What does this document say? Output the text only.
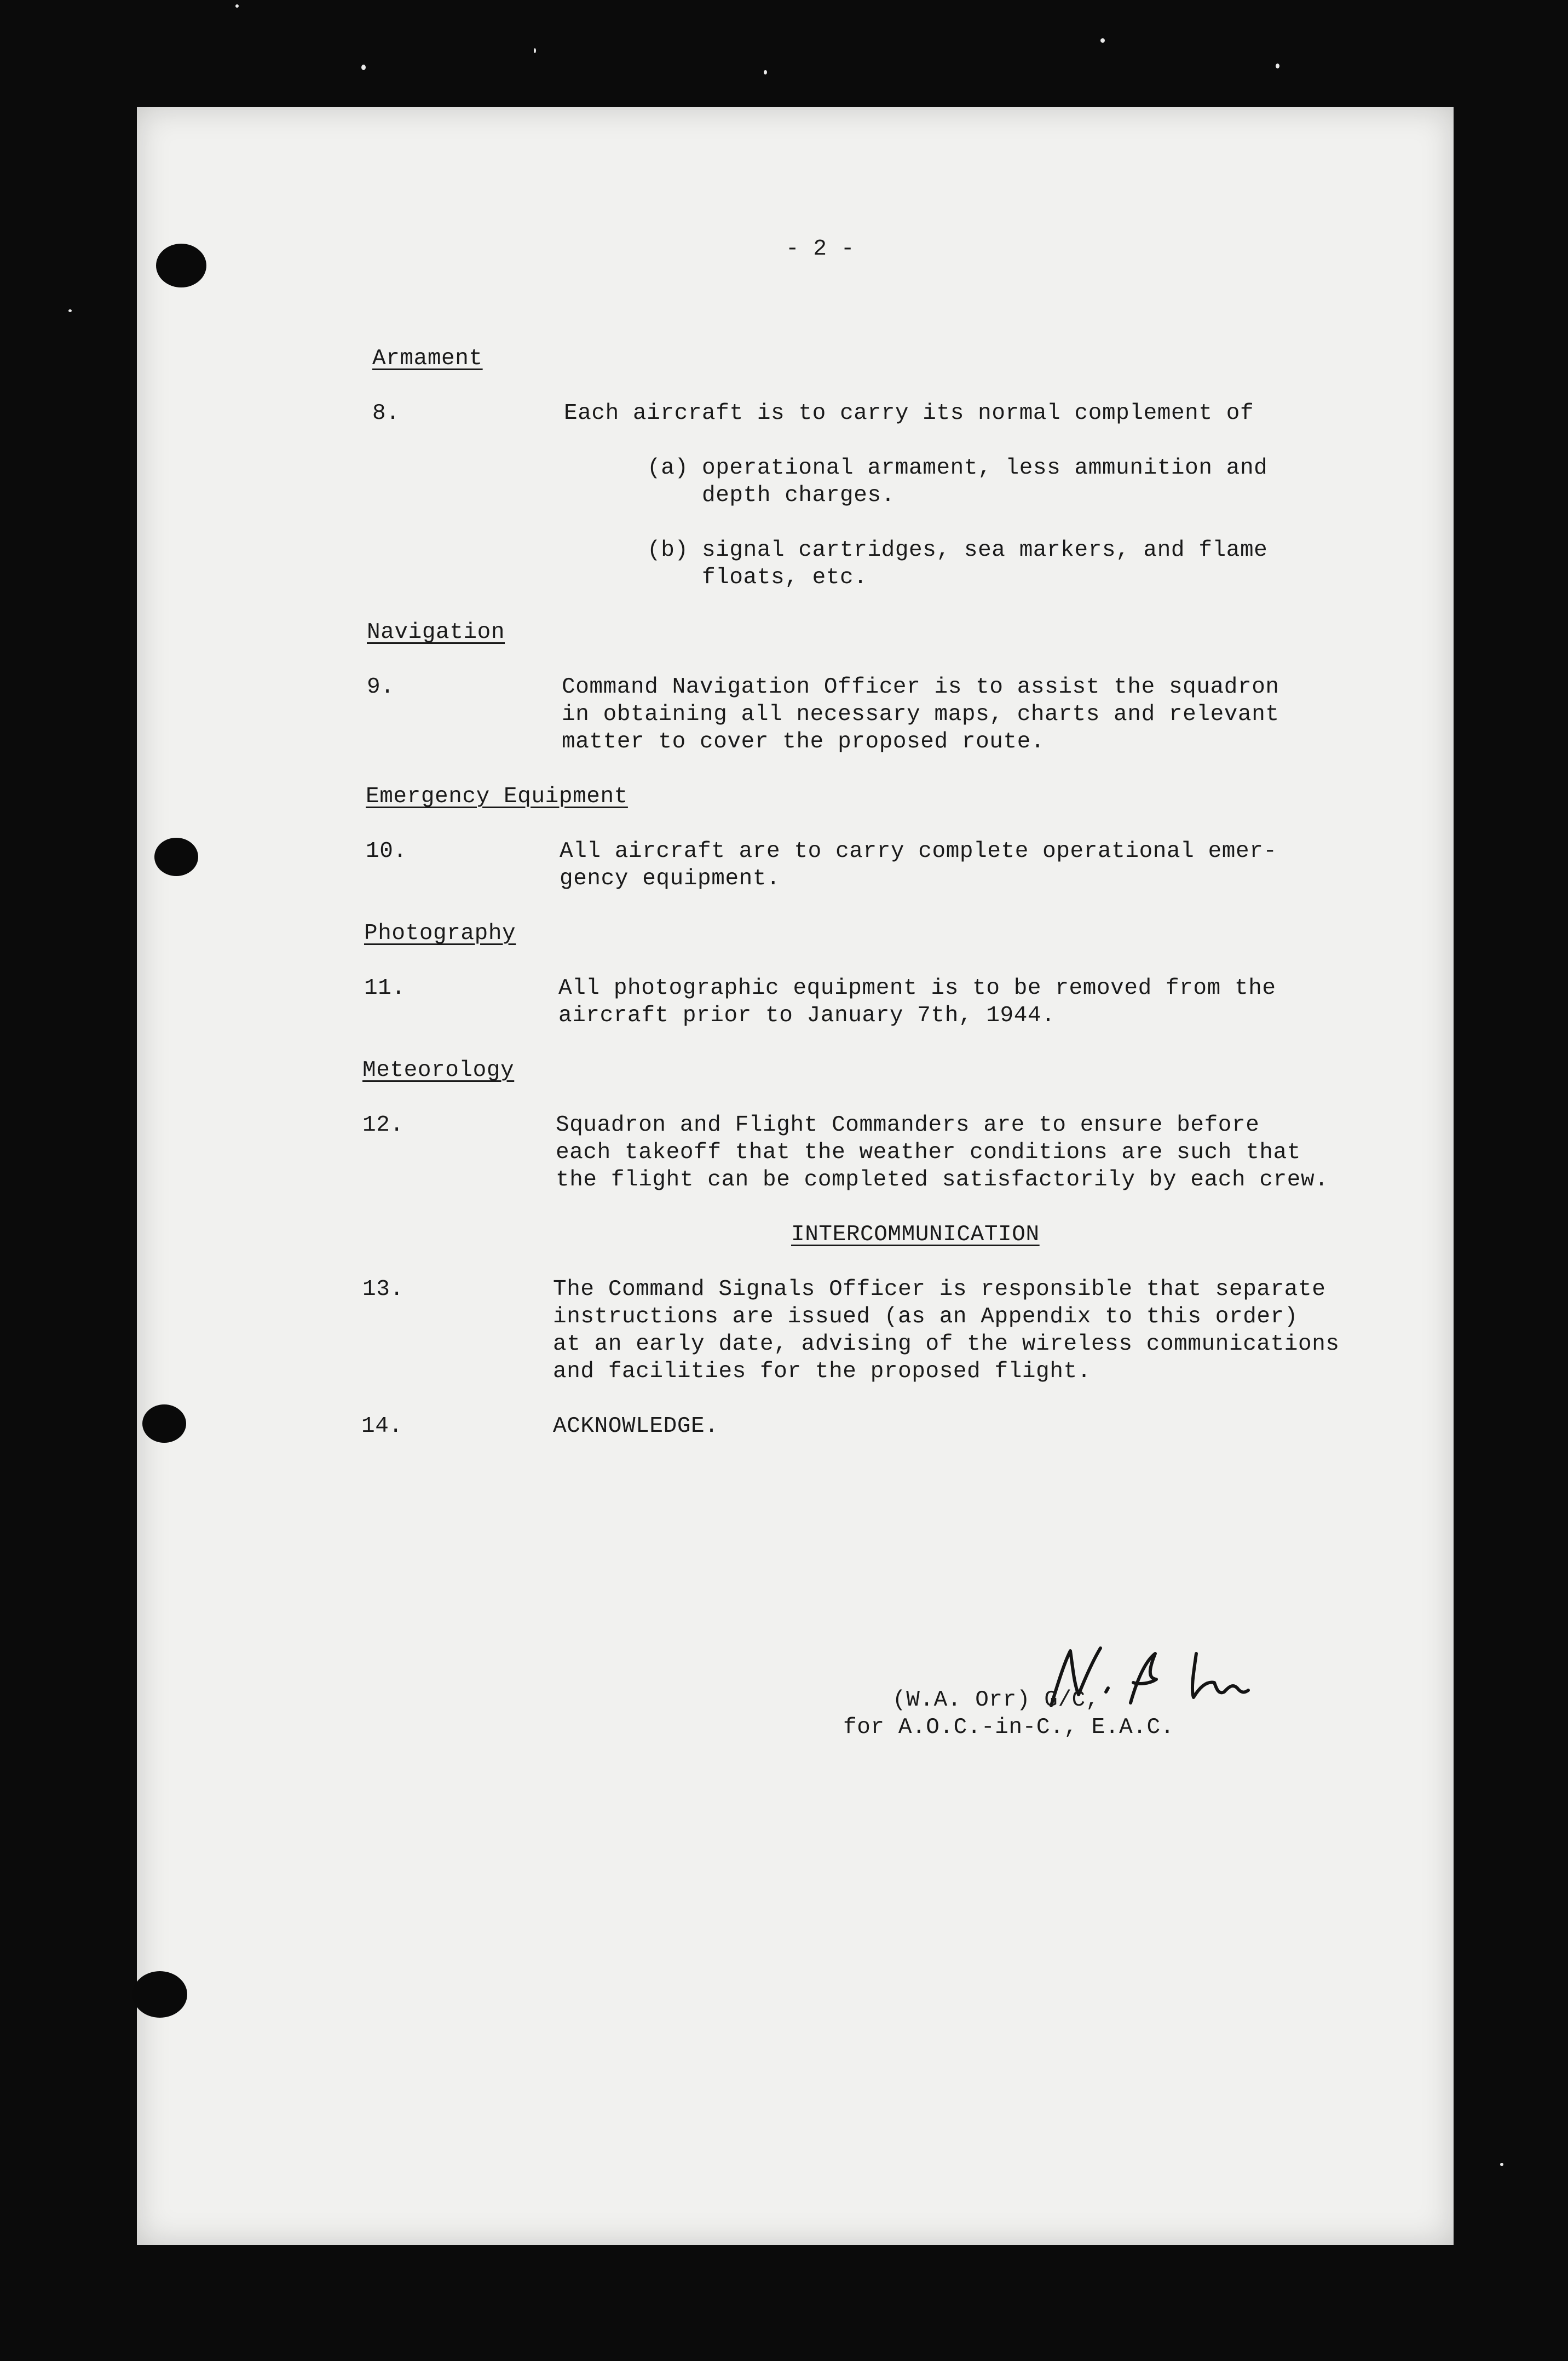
- 2 -
Armament
8.	Each aircraft is to carry its normal complement of
(a) operational armament, less ammunition and
depth charges.
(b) signal cartridges, sea markers, and flame
floats, etc.
Navigation
9.	Command Navigation Officer is to assist the squadron
in obtaining all necessary maps, charts and relevant
matter to cover the proposed route.
Emergency Equipment
10.	All aircraft are to carry complete operational emer-
gency equipment.
Photography
11.	All photographic equipment is to be removed from the
aircraft prior to January 7th, 1944.
Meteorology
12.	Squadron and Flight Commanders are to ensure before
each takeoff that the weather conditions are such that
the flight can be completed satisfactorily by each crew.
INTERCOMMUNICATION
13.	The Command Signals Officer is responsible that separate
instructions are issued (as an Appendix to this order)
at an early date, advising of the wireless communications
and facilities for the proposed flight.
14.	ACKNOWLEDGE.
(W.A. Orr) G/C,
for A.O.C.-in-C., E.A.C.
